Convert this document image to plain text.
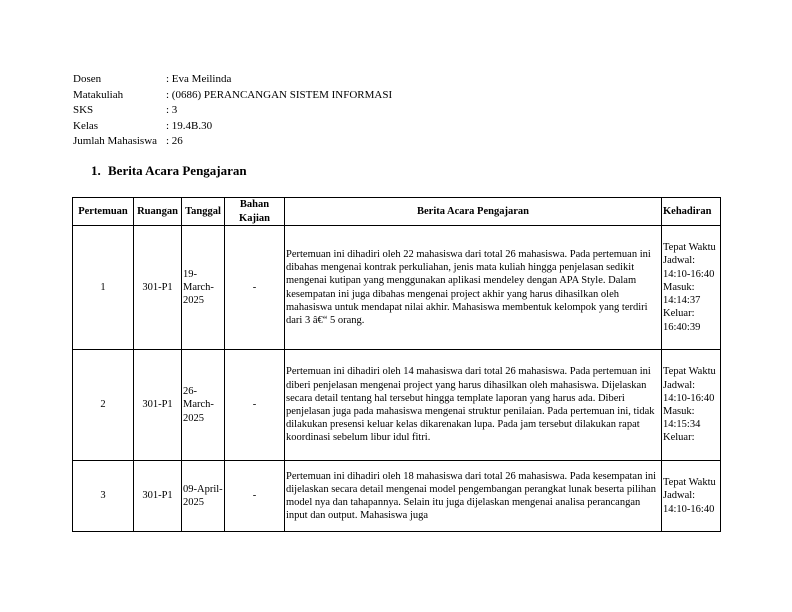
Dosen	: Eva Meilinda
Matakuliah	: (0686) PERANCANGAN SISTEM INFORMASI
SKS	: 3
Kelas	: 19.4B.30
Jumlah Mahasiswa : 26
1. Berita Acara Pengajaran
Pertemuan	Ruangan	Tanggal	Bahan Kajian	Berita Acara Pengajaran	Kehadiran
1	301-P1	19-March-2025	-	Pertemuan ini dihadiri oleh 22 mahasiswa dari total 26 mahasiswa. Pada pertemuan ini dibahas mengenai kontrak perkuliahan, jenis mata kuliah hingga penjelasan sedikit mengenai kutipan yang menggunakan aplikasi mendeley dengan APA Style. Dalam kesempatan ini juga dibahas mengenai project akhir yang harus dihasilkan oleh mahasiswa untuk mendapat nilai akhir. Mahasiswa membentuk kelompok yang terdiri dari 3 â€“ 5 orang.	Tepat Waktu Jadwal: 14:10-16:40 Masuk: 14:14:37 Keluar: 16:40:39

2	301-P1	26-March-2025	-	Pertemuan ini dihadiri oleh 14 mahasiswa dari total 26 mahasiswa. Pada pertemuan ini diberi penjelasan mengenai project yang harus dihasilkan oleh mahasiswa. Dijelaskan secara detail tentang hal tersebut hingga template laporan yang harus ada. Diberi penjelasan juga pada mahasiswa mengenai struktur penilaian. Pada pertemuan ini, tidak dilakukan presensi keluar kelas dikarenakan lupa. Pada jam tersebut dilakukan rapat koordinasi sebelum libur idul fitri.	Tepat Waktu Jadwal: 14:10-16:40 Masuk: 14:15:34 Keluar:

3	301-P1	09-April-2025	-	Pertemuan ini dihadiri oleh 18 mahasiswa dari total 26 mahasiswa. Pada kesempatan ini dijelaskan secara detail mengenai model pengembangan perangkat lunak beserta pilihan model nya dan tahapannya. Selain itu juga dijelaskan mengenai analisa perancangan input dan output. Mahasiswa juga	Tepat Waktu Jadwal: 14:10-16:40
